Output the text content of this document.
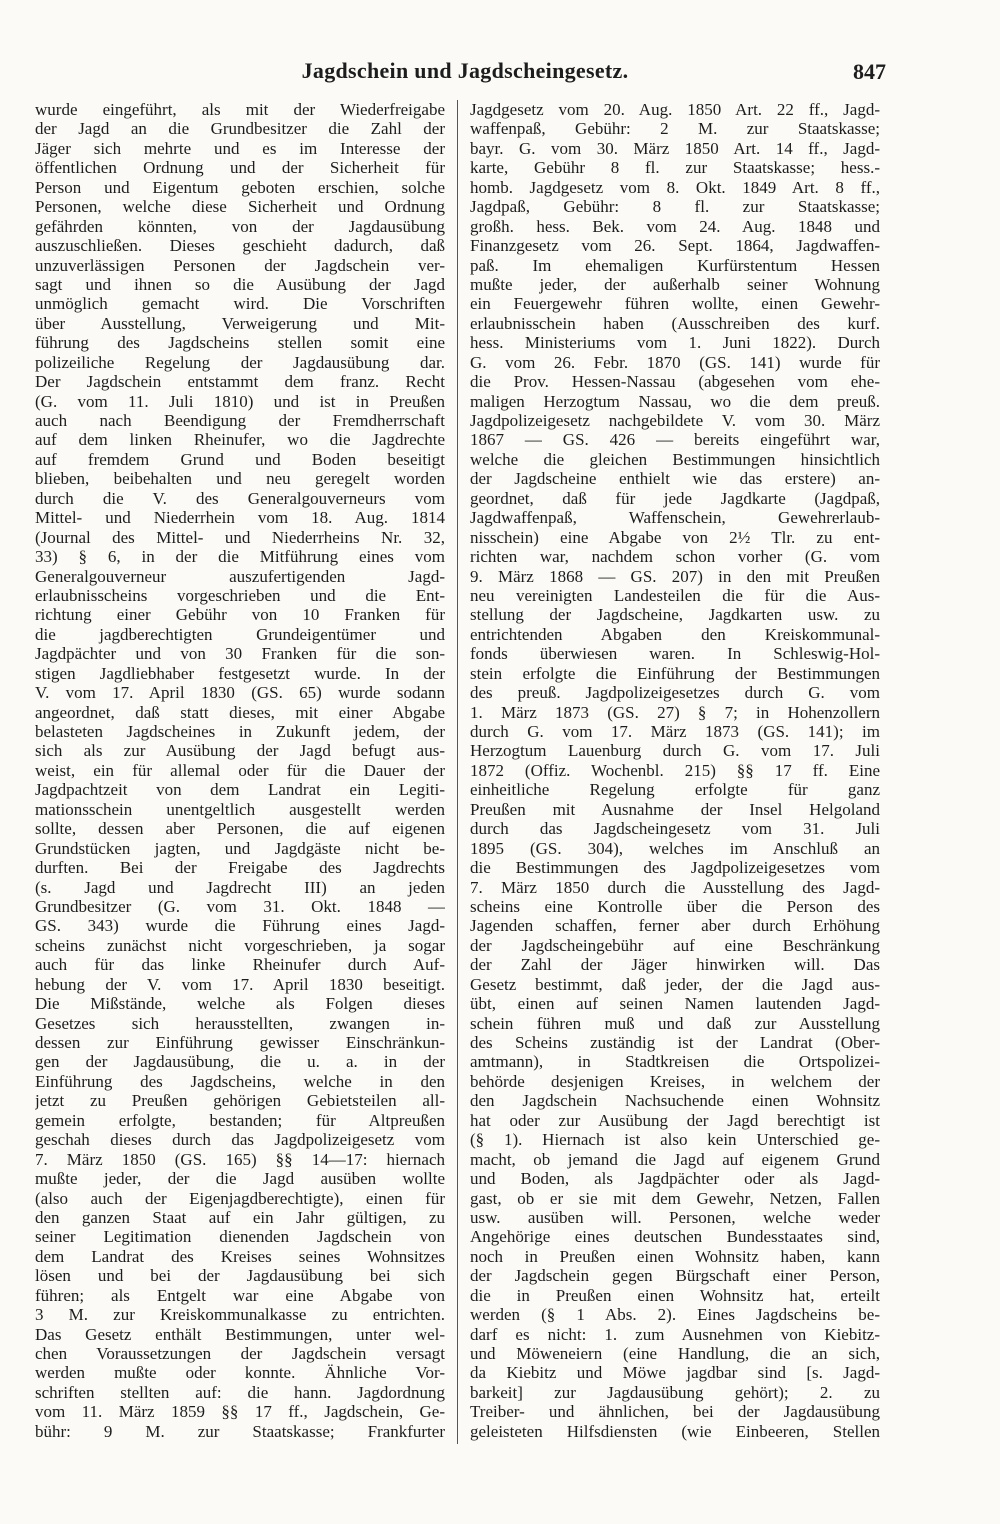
Jagdschein und Jagdscheingesetz.	847
wurde eingeführt, als mit der Wiederfreigabe
der Jagd an die Grundbesitzer die Zahl der
Jäger sich mehrte und es im Interesse der
öffentlichen Ordnung und der Sicherheit für
Person und Eigentum geboten erschien, solche
Personen, welche diese Sicherheit und Ordnung
gefährden könnten, von der Jagdausübung
auszuschließen. Dieses geschieht dadurch, daß
unzuverlässigen Personen der Jagdschein ver-
sagt und ihnen so die Ausübung der Jagd
unmöglich gemacht wird. Die Vorschriften
über Ausstellung, Verweigerung und Mit-
führung des Jagdscheins stellen somit eine
polizeiliche Regelung der Jagdausübung dar.
Der Jagdschein entstammt dem franz. Recht
(G. vom 11. Juli 1810) und ist in Preußen
auch nach Beendigung der Fremdherrschaft
auf dem linken Rheinufer, wo die Jagdrechte
auf fremdem Grund und Boden beseitigt
blieben, beibehalten und neu geregelt worden
durch die V. des Generalgouverneurs vom
Mittel- und Niederrhein vom 18. Aug. 1814
(Journal des Mittel- und Niederrheins Nr. 32,
33) § 6, in der die Mitführung eines vom
Generalgouverneur auszufertigenden Jagd-
erlaubnisscheins vorgeschrieben und die Ent-
richtung einer Gebühr von 10 Franken für
die jagdberechtigten Grundeigentümer und
Jagdpächter und von 30 Franken für die son-
stigen Jagdliebhaber festgesetzt wurde. In der
V. vom 17. April 1830 (GS. 65) wurde sodann
angeordnet, daß statt dieses, mit einer Abgabe
belasteten Jagdscheines in Zukunft jedem, der
sich als zur Ausübung der Jagd befugt aus-
weist, ein für allemal oder für die Dauer der
Jagdpachtzeit von dem Landrat ein Legiti-
mationsschein unentgeltlich ausgestellt werden
sollte, dessen aber Personen, die auf eigenen
Grundstücken jagten, und Jagdgäste nicht be-
durften. Bei der Freigabe des Jagdrechts
(s. Jagd und Jagdrecht III) an jeden
Grundbesitzer (G. vom 31. Okt. 1848 —
GS. 343) wurde die Führung eines Jagd-
scheins zunächst nicht vorgeschrieben, ja sogar
auch für das linke Rheinufer durch Auf-
hebung der V. vom 17. April 1830 beseitigt.
Die Mißstände, welche als Folgen dieses
Gesetzes sich herausstellten, zwangen in-
dessen zur Einführung gewisser Einschränkun-
gen der Jagdausübung, die u. a. in der
Einführung des Jagdscheins, welche in den
jetzt zu Preußen gehörigen Gebietsteilen all-
gemein erfolgte, bestanden; für Altpreußen
geschah dieses durch das Jagdpolizeigesetz vom
7. März 1850 (GS. 165) §§ 14—17: hiernach
mußte jeder, der die Jagd ausüben wollte
(also auch der Eigenjagdberechtigte), einen für
den ganzen Staat auf ein Jahr gültigen, zu
seiner Legitimation dienenden Jagdschein von
dem Landrat des Kreises seines Wohnsitzes
lösen und bei der Jagdausübung bei sich
führen; als Entgelt war eine Abgabe von
3 M. zur Kreiskommunalkasse zu entrichten.
Das Gesetz enthält Bestimmungen, unter wel-
chen Voraussetzungen der Jagdschein versagt
werden mußte oder konnte. Ähnliche Vor-
schriften stellten auf: die hann. Jagdordnung
vom 11. März 1859 §§ 17 ff., Jagdschein, Ge-
bühr: 9 M. zur Staatskasse; Frankfurter
Jagdgesetz vom 20. Aug. 1850 Art. 22 ff., Jagd-
waffenpaß, Gebühr: 2 M. zur Staatskasse;
bayr. G. vom 30. März 1850 Art. 14 ff., Jagd-
karte, Gebühr 8 fl. zur Staatskasse; hess.-
homb. Jagdgesetz vom 8. Okt. 1849 Art. 8 ff.,
Jagdpaß, Gebühr: 8 fl. zur Staatskasse;
großh. hess. Bek. vom 24. Aug. 1848 und
Finanzgesetz vom 26. Sept. 1864, Jagdwaffen-
paß. Im ehemaligen Kurfürstentum Hessen
mußte jeder, der außerhalb seiner Wohnung
ein Feuergewehr führen wollte, einen Gewehr-
erlaubnisschein haben (Ausschreiben des kurf.
hess. Ministeriums vom 1. Juni 1822). Durch
G. vom 26. Febr. 1870 (GS. 141) wurde für
die Prov. Hessen-Nassau (abgesehen vom ehe-
maligen Herzogtum Nassau, wo die dem preuß.
Jagdpolizeigesetz nachgebildete V. vom 30. März
1867 — GS. 426 — bereits eingeführt war,
welche die gleichen Bestimmungen hinsichtlich
der Jagdscheine enthielt wie das erstere) an-
geordnet, daß für jede Jagdkarte (Jagdpaß,
Jagdwaffenpaß, Waffenschein, Gewehrerlaub-
nisschein) eine Abgabe von 2½ Tlr. zu ent-
richten war, nachdem schon vorher (G. vom
9. März 1868 — GS. 207) in den mit Preußen
neu vereinigten Landesteilen die für die Aus-
stellung der Jagdscheine, Jagdkarten usw. zu
entrichtenden Abgaben den Kreiskommunal-
fonds überwiesen waren. In Schleswig-Hol-
stein erfolgte die Einführung der Bestimmungen
des preuß. Jagdpolizeigesetzes durch G. vom
1. März 1873 (GS. 27) § 7; in Hohenzollern
durch G. vom 17. März 1873 (GS. 141); im
Herzogtum Lauenburg durch G. vom 17. Juli
1872 (Offiz. Wochenbl. 215) §§ 17 ff. Eine
einheitliche Regelung erfolgte für ganz
Preußen mit Ausnahme der Insel Helgoland
durch das Jagdscheingesetz vom 31. Juli
1895 (GS. 304), welches im Anschluß an
die Bestimmungen des Jagdpolizeigesetzes vom
7. März 1850 durch die Ausstellung des Jagd-
scheins eine Kontrolle über die Person des
Jagenden schaffen, ferner aber durch Erhöhung
der Jagdscheingebühr auf eine Beschränkung
der Zahl der Jäger hinwirken will. Das
Gesetz bestimmt, daß jeder, der die Jagd aus-
übt, einen auf seinen Namen lautenden Jagd-
schein führen muß und daß zur Ausstellung
des Scheins zuständig ist der Landrat (Ober-
amtmann), in Stadtkreisen die Ortspolizei-
behörde desjenigen Kreises, in welchem der
den Jagdschein Nachsuchende einen Wohnsitz
hat oder zur Ausübung der Jagd berechtigt ist
(§ 1). Hiernach ist also kein Unterschied ge-
macht, ob jemand die Jagd auf eigenem Grund
und Boden, als Jagdpächter oder als Jagd-
gast, ob er sie mit dem Gewehr, Netzen, Fallen
usw. ausüben will. Personen, welche weder
Angehörige eines deutschen Bundesstaates sind,
noch in Preußen einen Wohnsitz haben, kann
der Jagdschein gegen Bürgschaft einer Person,
die in Preußen einen Wohnsitz hat, erteilt
werden (§ 1 Abs. 2). Eines Jagdscheins be-
darf es nicht: 1. zum Ausnehmen von Kiebitz-
und Möweneiern (eine Handlung, die an sich,
da Kiebitz und Möwe jagdbar sind [s. Jagd-
barkeit] zur Jagdausübung gehört); 2. zu
Treiber- und ähnlichen, bei der Jagdausübung
geleisteten Hilfsdiensten (wie Einbeeren, Stellen
